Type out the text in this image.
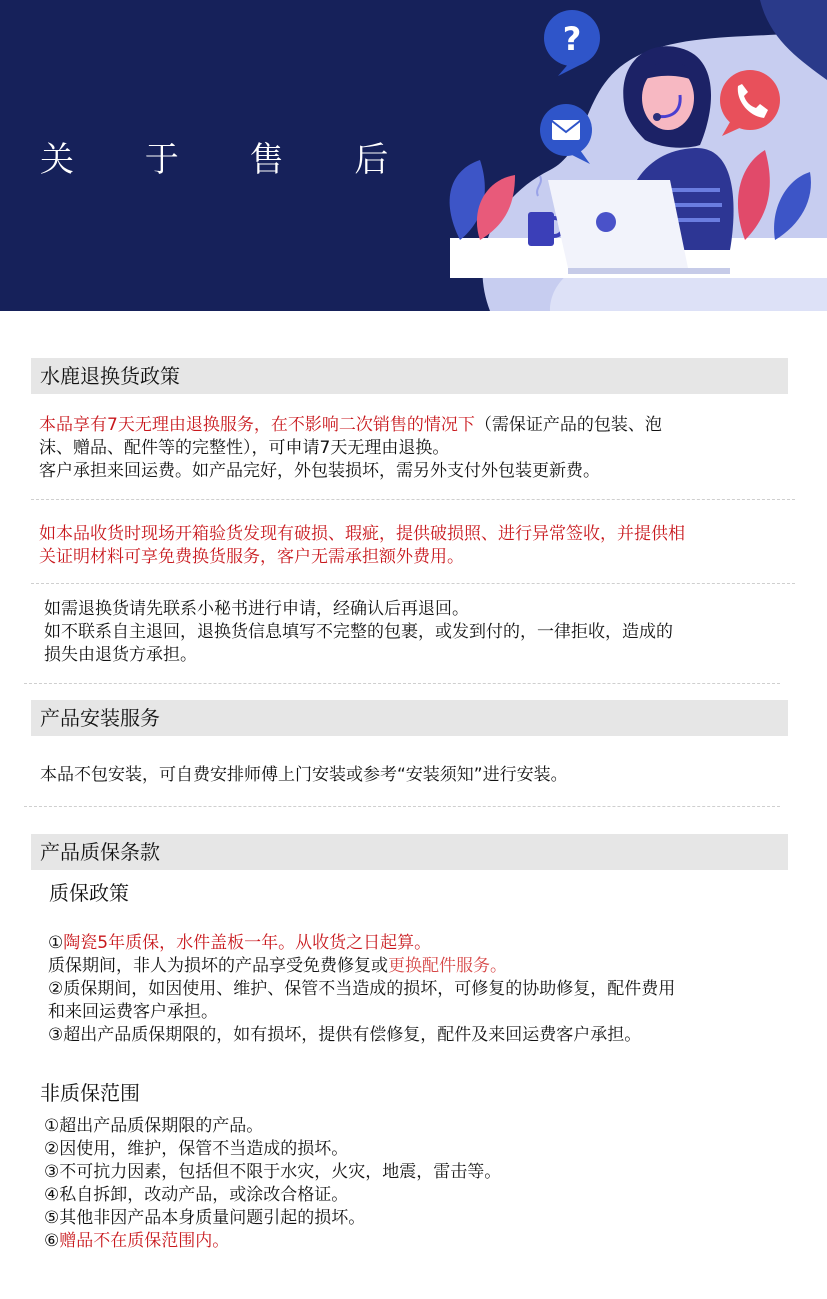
关 于 售 后
?
水鹿退换货政策
本品享有7天无理由退换服务，在不影响二次销售的情况下（需保证产品的包装、泡
沫、赠品、配件等的完整性），可申请7天无理由退换。
客户承担来回运费。如产品完好，外包装损坏，需另外支付外包装更新费。
如本品收货时现场开箱验货发现有破损、瑕疵，提供破损照、进行异常签收，并提供相
关证明材料可享免费换货服务，客户无需承担额外费用。
如需退换货请先联系小秘书进行申请，经确认后再退回。
如不联系自主退回，退换货信息填写不完整的包裹，或发到付的，一律拒收，造成的
损失由退货方承担。
产品安装服务
本品不包安装，可自费安排师傅上门安装或参考“安装须知”进行安装。
产品质保条款
质保政策
①陶瓷5年质保，水件盖板一年。从收货之日起算。
质保期间，非人为损坏的产品享受免费修复或更换配件服务。
②质保期间，如因使用、维护、保管不当造成的损坏，可修复的协助修复，配件费用
和来回运费客户承担。
③超出产品质保期限的，如有损坏，提供有偿修复，配件及来回运费客户承担。
非质保范围
①超出产品质保期限的产品。
②因使用，维护，保管不当造成的损坏。
③不可抗力因素，包括但不限于水灾，火灾，地震，雷击等。
④私自拆卸，改动产品，或涂改合格证。
⑤其他非因产品本身质量问题引起的损坏。
⑥赠品不在质保范围内。
